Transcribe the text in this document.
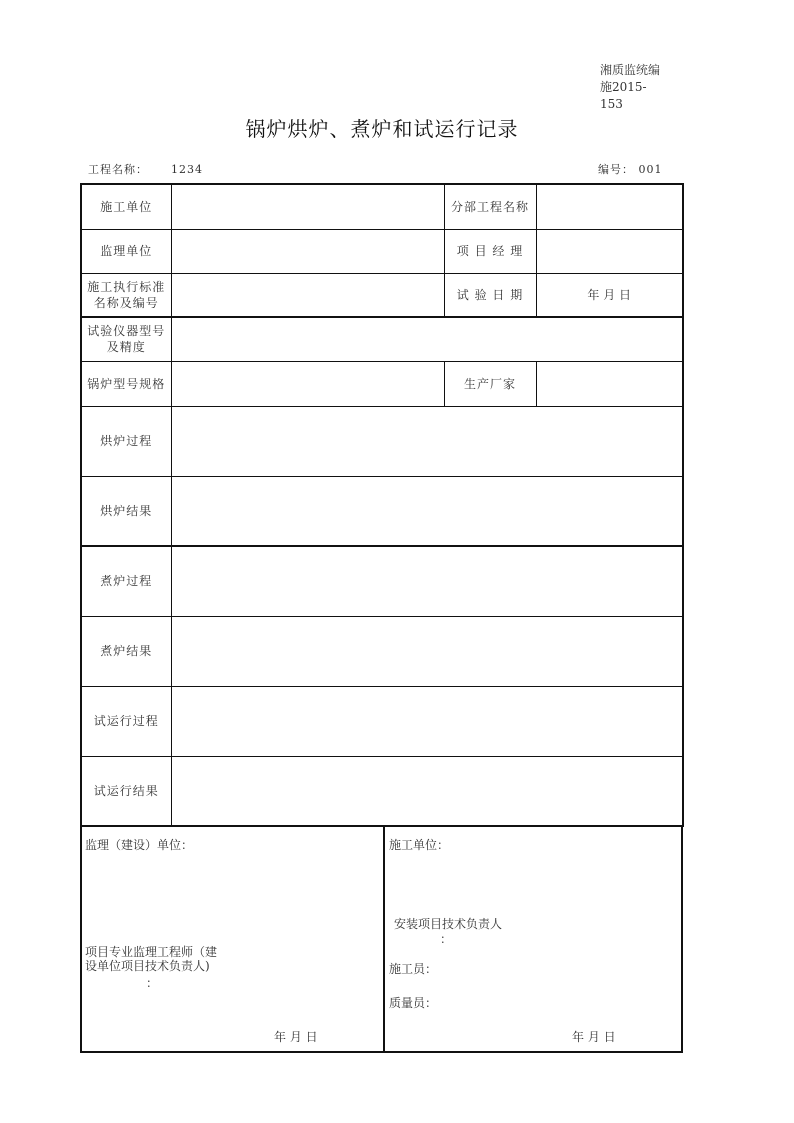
湘质监统编
施2015-153
锅炉烘炉、煮炉和试运行记录
工程名称： 1234	编号： 001
施工单位		分部工程名称	
监理单位		项 目 经 理	

施工执行标准
名称及编号		试 验 日 期	年 月 日

试验仪器型号
及精度			

锅炉型号规格		生产厂家	
烘炉过程			
烘炉结果			
煮炉过程			
煮炉结果			
试运行过程			
试运行结果			
监理（建设）单位：
项目专业监理工程师（建
设单位项目技术负责人)
：
年 月 日
施工单位：
安装项目技术负责人
：
施工员：
质量员：
年 月 日
